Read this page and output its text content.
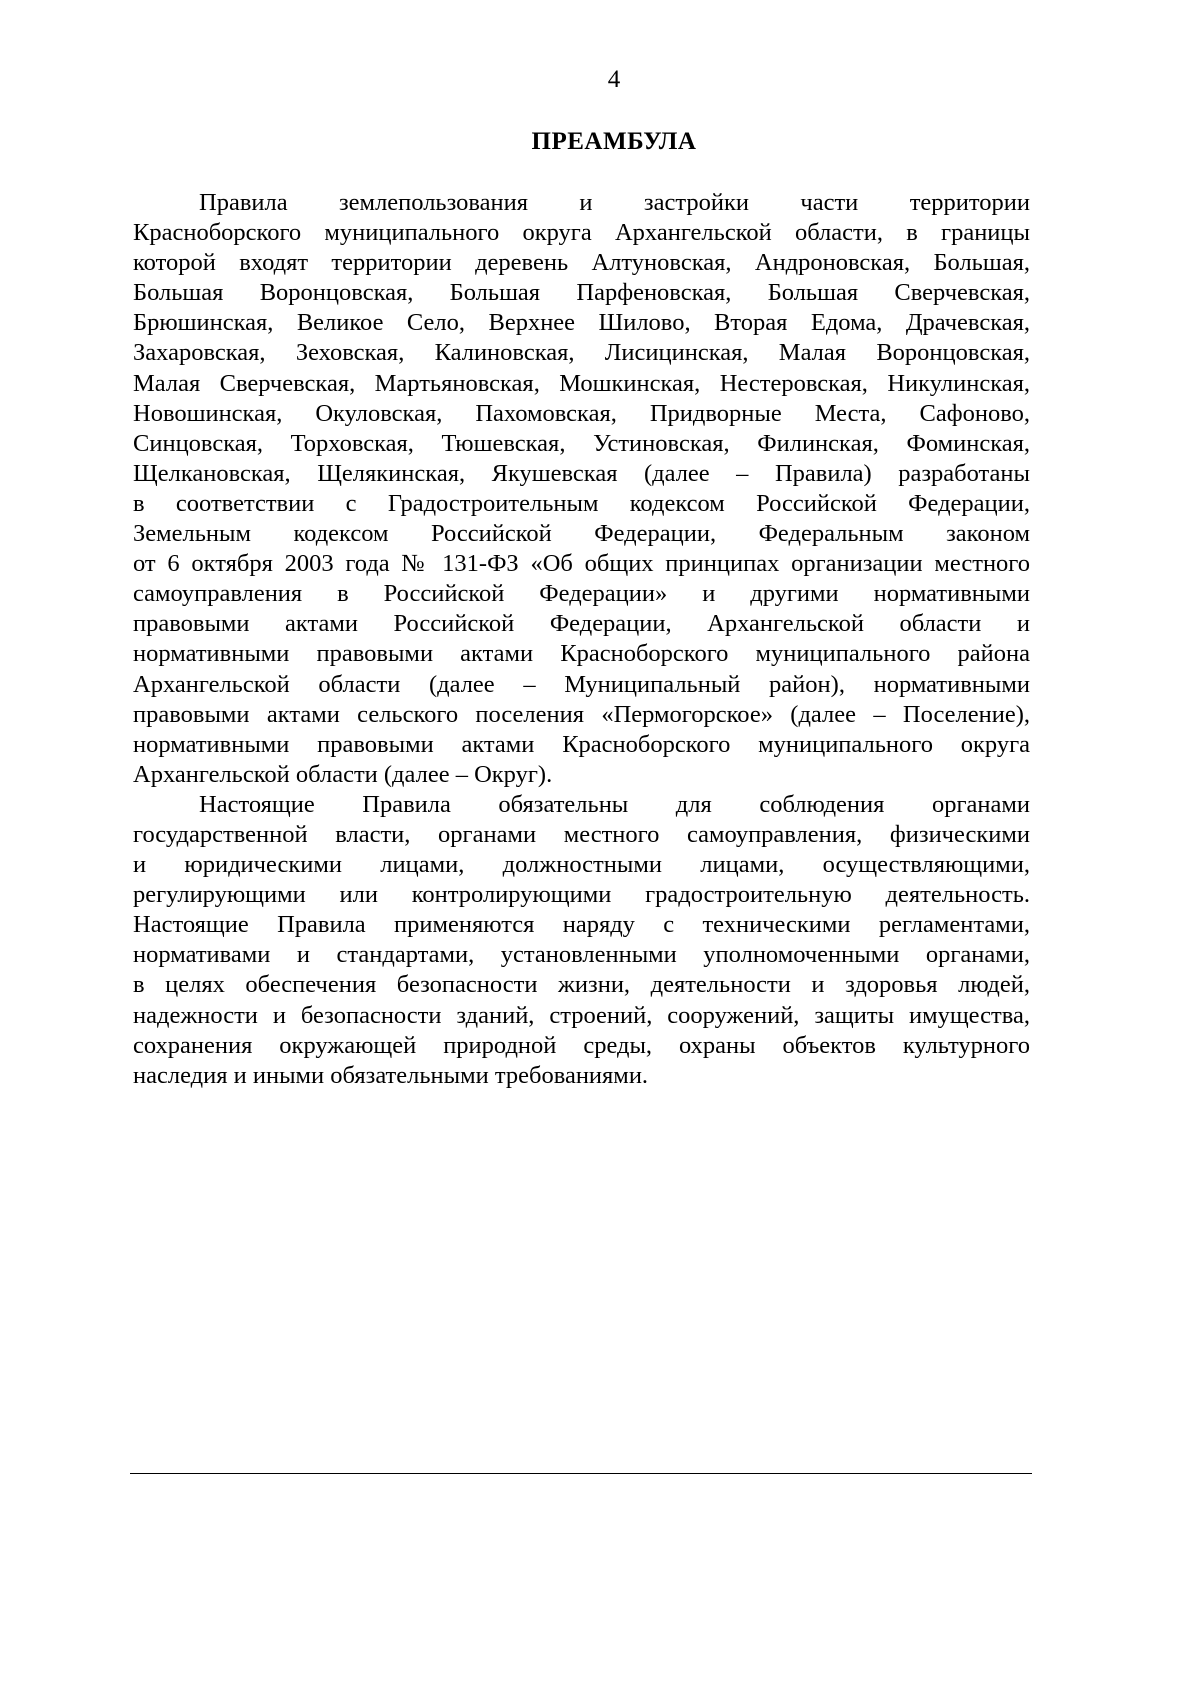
4
ПРЕАМБУЛА
Правила землепользования и застройки части территории
Красноборского муниципального округа Архангельской области, в границы
которой входят территории деревень Алтуновская, Андроновская, Большая,
Большая Воронцовская, Большая Парфеновская, Большая Сверчевская,
Брюшинская, Великое Село, Верхнее Шилово, Вторая Едома, Драчевская,
Захаровская, Зеховская, Калиновская, Лисицинская, Малая Воронцовская,
Малая Сверчевская, Мартьяновская, Мошкинская, Нестеровская, Никулинская,
Новошинская, Окуловская, Пахомовская, Придворные Места, Сафоново,
Синцовская, Торховская, Тюшевская, Устиновская, Филинская, Фоминская,
Щелкановская, Щелякинская, Якушевская (далее – Правила) разработаны
в соответствии с Градостроительным кодексом Российской Федерации,
Земельным кодексом Российской Федерации, Федеральным законом
от 6 октября 2003 года № 131-ФЗ «Об общих принципах организации местного
самоуправления в Российской Федерации» и другими нормативными
правовыми актами Российской Федерации, Архангельской области и
нормативными правовыми актами Красноборского муниципального района
Архангельской области (далее – Муниципальный район), нормативными
правовыми актами сельского поселения «Пермогорское» (далее – Поселение),
нормативными правовыми актами Красноборского муниципального округа
Архангельской области (далее – Округ).
Настоящие Правила обязательны для соблюдения органами
государственной власти, органами местного самоуправления, физическими
и юридическими лицами, должностными лицами, осуществляющими,
регулирующими или контролирующими градостроительную деятельность.
Настоящие Правила применяются наряду с техническими регламентами,
нормативами и стандартами, установленными уполномоченными органами,
в целях обеспечения безопасности жизни, деятельности и здоровья людей,
надежности и безопасности зданий, строений, сооружений, защиты имущества,
сохранения окружающей природной среды, охраны объектов культурного
наследия и иными обязательными требованиями.
